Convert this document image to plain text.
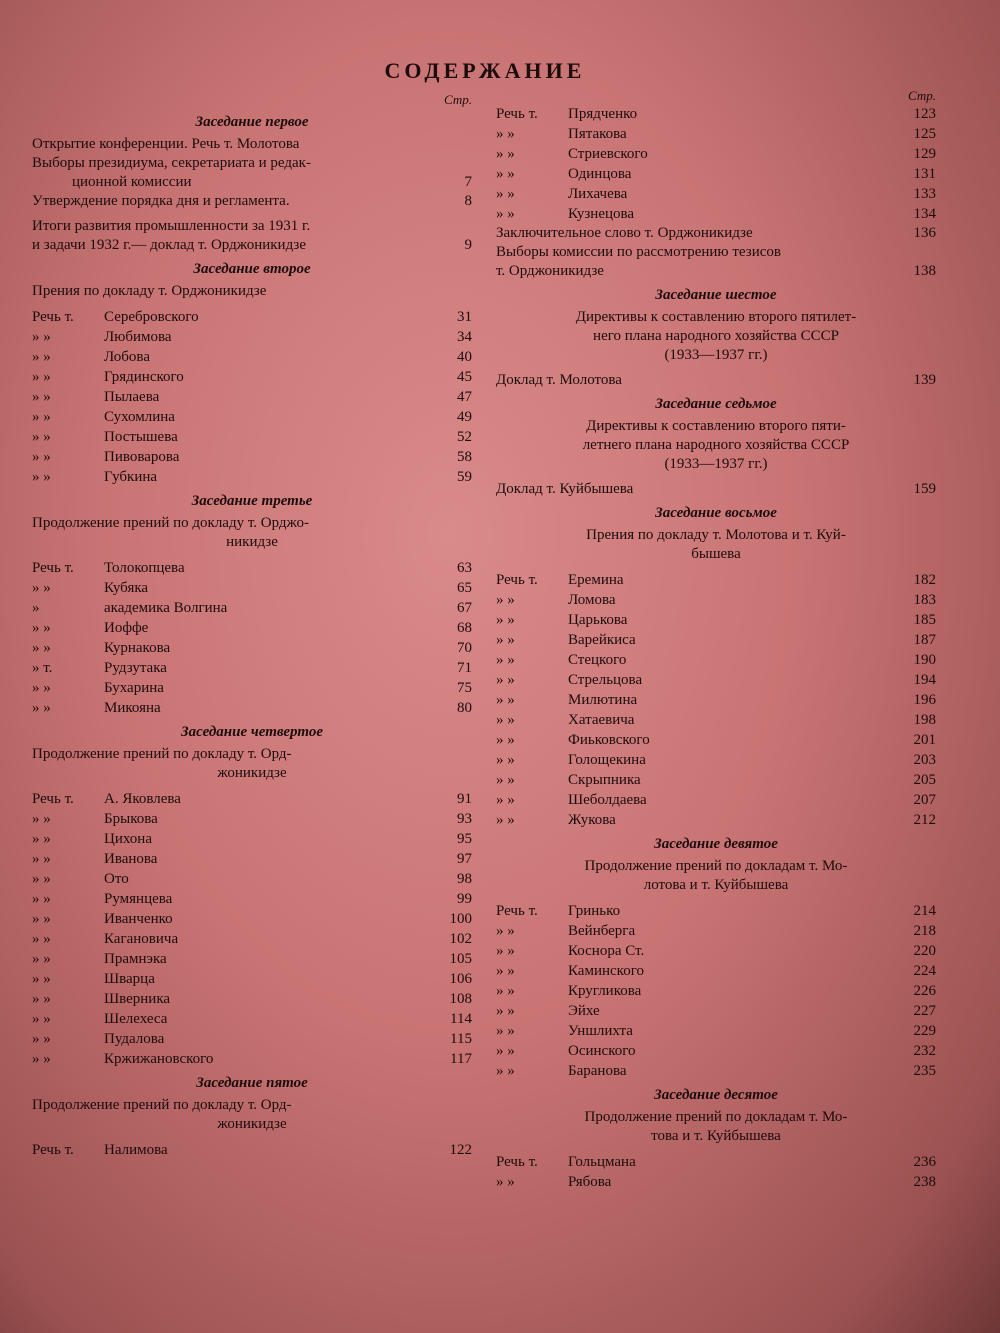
СОДЕРЖАНИЕ
Стр.
Заседание первое
Открытие конференции. Речь т. Молотова
Выборы президиума, секретариата и редак-
ционной комиссии	7
Утверждение порядка дня и регламента.	8
Итоги развития промышленности за 1931 г.
и задачи 1932 г.— доклад т. Орджоникидзе	9
Заседание второе
Прения по докладу т. Орджоникидзе
Речь т.	Серебровского	31
» »	Любимова	34
» »	Лобова	40
» »	Грядинского	45
» »	Пылаева	47
» »	Сухомлина	49
» »	Постышева	52
» »	Пивоварова	58
» »	Губкина	59
Заседание третье
Продолжение прений по докладу т. Орджо-
никидзе
Речь т.	Толокопцева	63
» »	Кубяка	65
»	академика Волгина	67
» »	Иоффе	68
» »	Курнакова	70
» т.	Рудзутака	71
» »	Бухарина	75
» »	Микояна	80
Заседание четвертое
Продолжение прений по докладу т. Орд-
жоникидзе
Речь т.	А. Яковлева	91
» »	Брыкова	93
» »	Цихона	95
» »	Иванова	97
» »	Ото	98
» »	Румянцева	99
» »	Иванченко	100
» »	Кагановича	102
» »	Прамнэка	105
» »	Шварца	106
» »	Шверника	108
» »	Шелехеса	114
» »	Пудалова	115
» »	Кржижановского	117
Заседание пятое
Продолжение прений по докладу т. Орд-
жоникидзе
Речь т.	Налимова	122
Стр.
Речь т.	Прядченко	123
» »	Пятакова	125
» »	Стриевского	129
» »	Одинцова	131
» »	Лихачева	133
» »	Кузнецова	134
Заключительное слово т. Орджоникидзе	136
Выборы комиссии по рассмотрению тезисов
т. Орджоникидзе	138
Заседание шестое
Директивы к составлению второго пятилет-
него плана народного хозяйства СССР
(1933—1937 гг.)
Доклад т. Молотова	139
Заседание седьмое
Директивы к составлению второго пяти-
летнего плана народного хозяйства СССР
(1933—1937 гг.)
Доклад т. Куйбышева	159
Заседание восьмое
Прения по докладу т. Молотова и т. Куй-
бышева
Речь т.	Еремина	182
» »	Ломова	183
» »	Царькова	185
» »	Варейкиса	187
» »	Стецкого	190
» »	Стрельцова	194
» »	Милютина	196
» »	Хатаевича	198
» »	Фиьковского	201
» »	Голощекина	203
» »	Скрыпника	205
» »	Шеболдаева	207
» »	Жукова	212
Заседание девятое
Продолжение прений по докладам т. Мо-
лотова и т. Куйбышева
Речь т.	Гринько	214
» »	Вейнберга	218
» »	Коснора Ст.	220
» »	Каминского	224
» »	Кругликова	226
» »	Эйхе	227
» »	Уншлихта	229
» »	Осинского	232
» »	Баранова	235
Заседание десятое
Продолжение прений по докладам т. Мо-
това и т. Куйбышева
Речь т.	Гольцмана	236
» »	Рябова	238
